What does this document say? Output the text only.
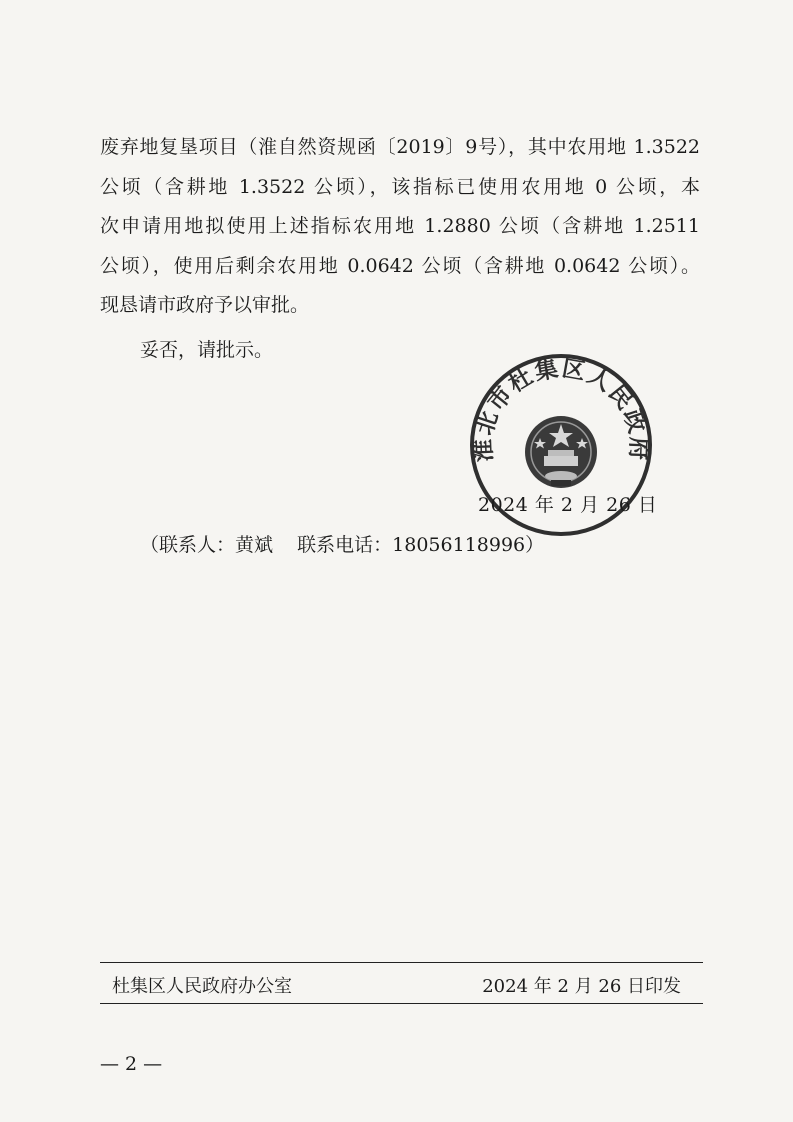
废弃地复垦项目（淮自然资规函〔2019〕9号），其中农用地 1.3522
公顷（含耕地 1.3522 公顷），该指标已使用农用地 0 公顷，本
次申请用地拟使用上述指标农用地 1.2880 公顷（含耕地 1.2511
公顷），使用后剩余农用地 0.0642 公顷（含耕地 0.0642 公顷）。
现恳请市政府予以审批。
妥否，请批示。
淮北市杜集区人民政府
2024 年 2 月 26 日
（联系人：黄斌    联系电话：18056118996）
杜集区人民政府办公室	2024 年 2 月 26 日印发
— 2 —
